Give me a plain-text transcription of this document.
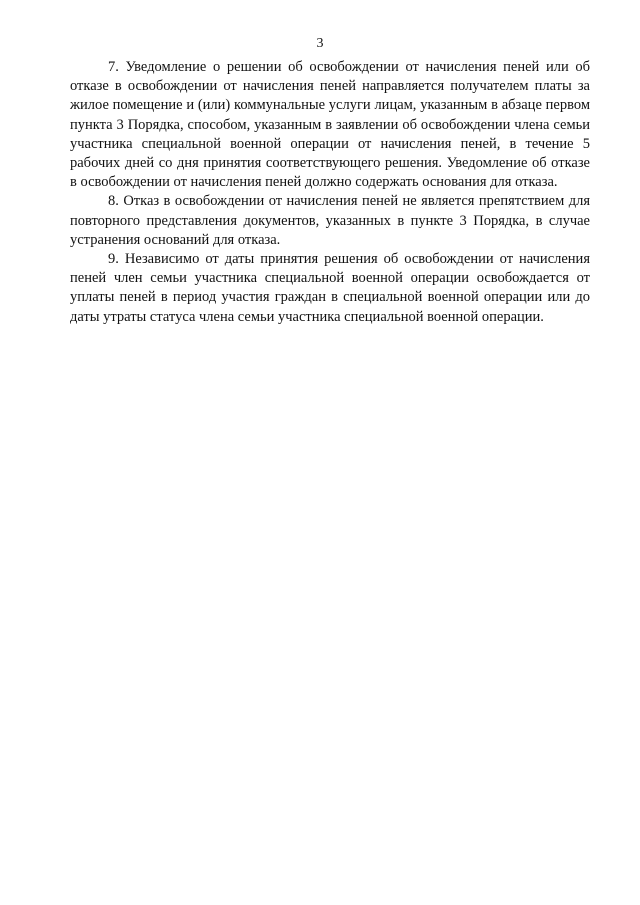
3

7. Уведомление о решении об освобождении от начисления пеней или об отказе в освобождении от начисления пеней направляется получателем платы за жилое помещение и (или) коммунальные услуги лицам, указанным в абзаце первом пункта 3 Порядка, способом, указанным в заявлении об освобождении члена семьи участника специальной военной операции от начисления пеней, в течение 5 рабочих дней со дня принятия соответствующего решения. Уведомление об отказе в освобождении от начисления пеней должно содержать основания для отказа.

8. Отказ в освобождении от начисления пеней не является препятствием для повторного представления документов, указанных в пункте 3 Порядка, в случае устранения оснований для отказа.

9. Независимо от даты принятия решения об освобождении от начисления пеней член семьи участника специальной военной операции освобождается от уплаты пеней в период участия граждан в специальной военной операции или до даты утраты статуса члена семьи участника специальной военной операции.
